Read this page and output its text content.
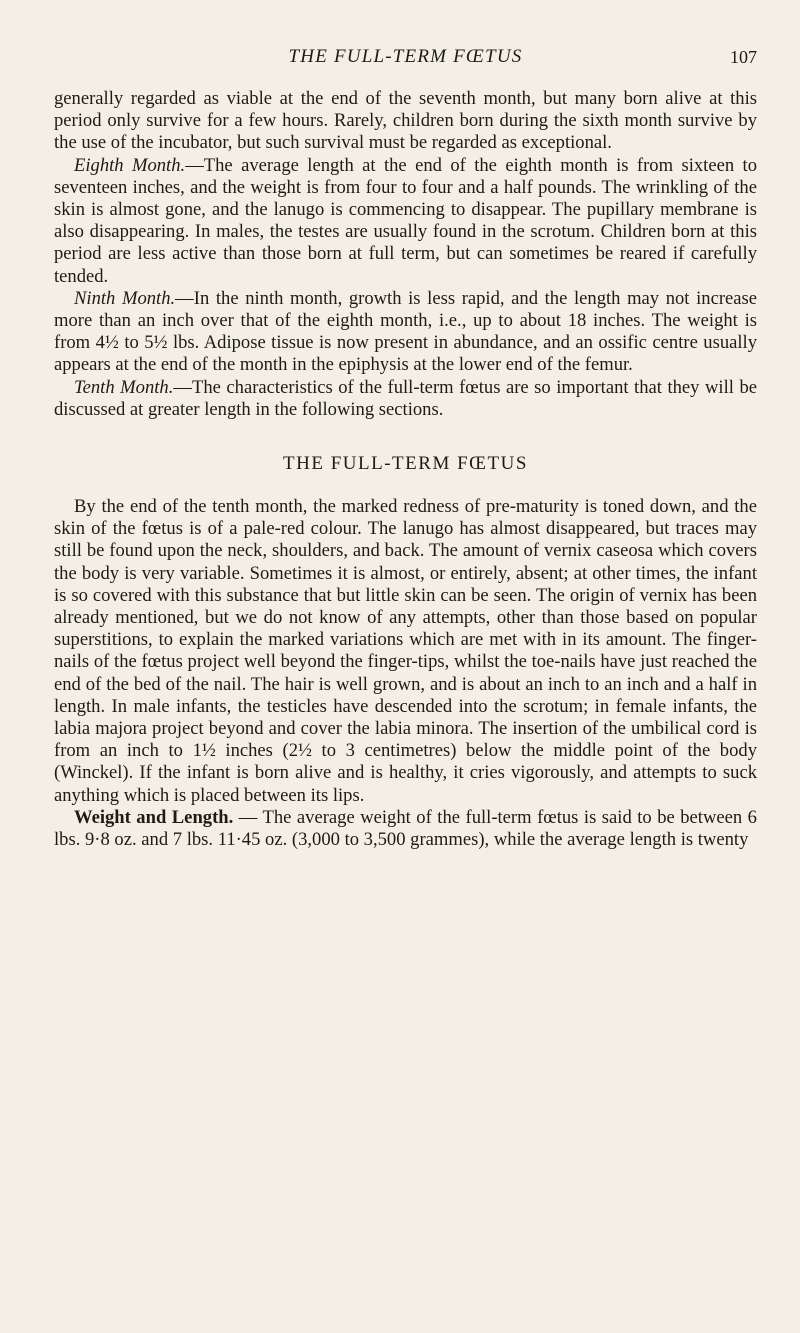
THE FULL-TERM FŒTUS	107

generally regarded as viable at the end of the seventh month, but many born alive at this period only survive for a few hours. Rarely, children born during the sixth month survive by the use of the incubator, but such survival must be regarded as exceptional.

Eighth Month.—The average length at the end of the eighth month is from sixteen to seventeen inches, and the weight is from four to four and a half pounds. The wrinkling of the skin is almost gone, and the lanugo is commencing to disappear. The pupillary membrane is also disappearing. In males, the testes are usually found in the scrotum. Children born at this period are less active than those born at full term, but can sometimes be reared if carefully tended.

Ninth Month.—In the ninth month, growth is less rapid, and the length may not increase more than an inch over that of the eighth month, i.e., up to about 18 inches. The weight is from 4½ to 5½ lbs. Adipose tissue is now present in abundance, and an ossific centre usually appears at the end of the month in the epiphysis at the lower end of the femur.

Tenth Month.—The characteristics of the full-term fœtus are so important that they will be discussed at greater length in the following sections.

THE FULL-TERM FŒTUS

By the end of the tenth month, the marked redness of pre-maturity is toned down, and the skin of the fœtus is of a pale-red colour. The lanugo has almost disappeared, but traces may still be found upon the neck, shoulders, and back. The amount of vernix caseosa which covers the body is very variable. Sometimes it is almost, or entirely, absent; at other times, the infant is so covered with this substance that but little skin can be seen. The origin of vernix has been already mentioned, but we do not know of any attempts, other than those based on popular superstitions, to explain the marked variations which are met with in its amount. The finger-nails of the fœtus project well beyond the finger-tips, whilst the toe-nails have just reached the end of the bed of the nail. The hair is well grown, and is about an inch to an inch and a half in length. In male infants, the testicles have descended into the scrotum; in female infants, the labia majora project beyond and cover the labia minora. The insertion of the umbilical cord is from an inch to 1½ inches (2½ to 3 centimetres) below the middle point of the body (Winckel). If the infant is born alive and is healthy, it cries vigorously, and attempts to suck anything which is placed between its lips.

Weight and Length. — The average weight of the full-term fœtus is said to be between 6 lbs. 9·8 oz. and 7 lbs. 11·45 oz. (3,000 to 3,500 grammes), while the average length is twenty
